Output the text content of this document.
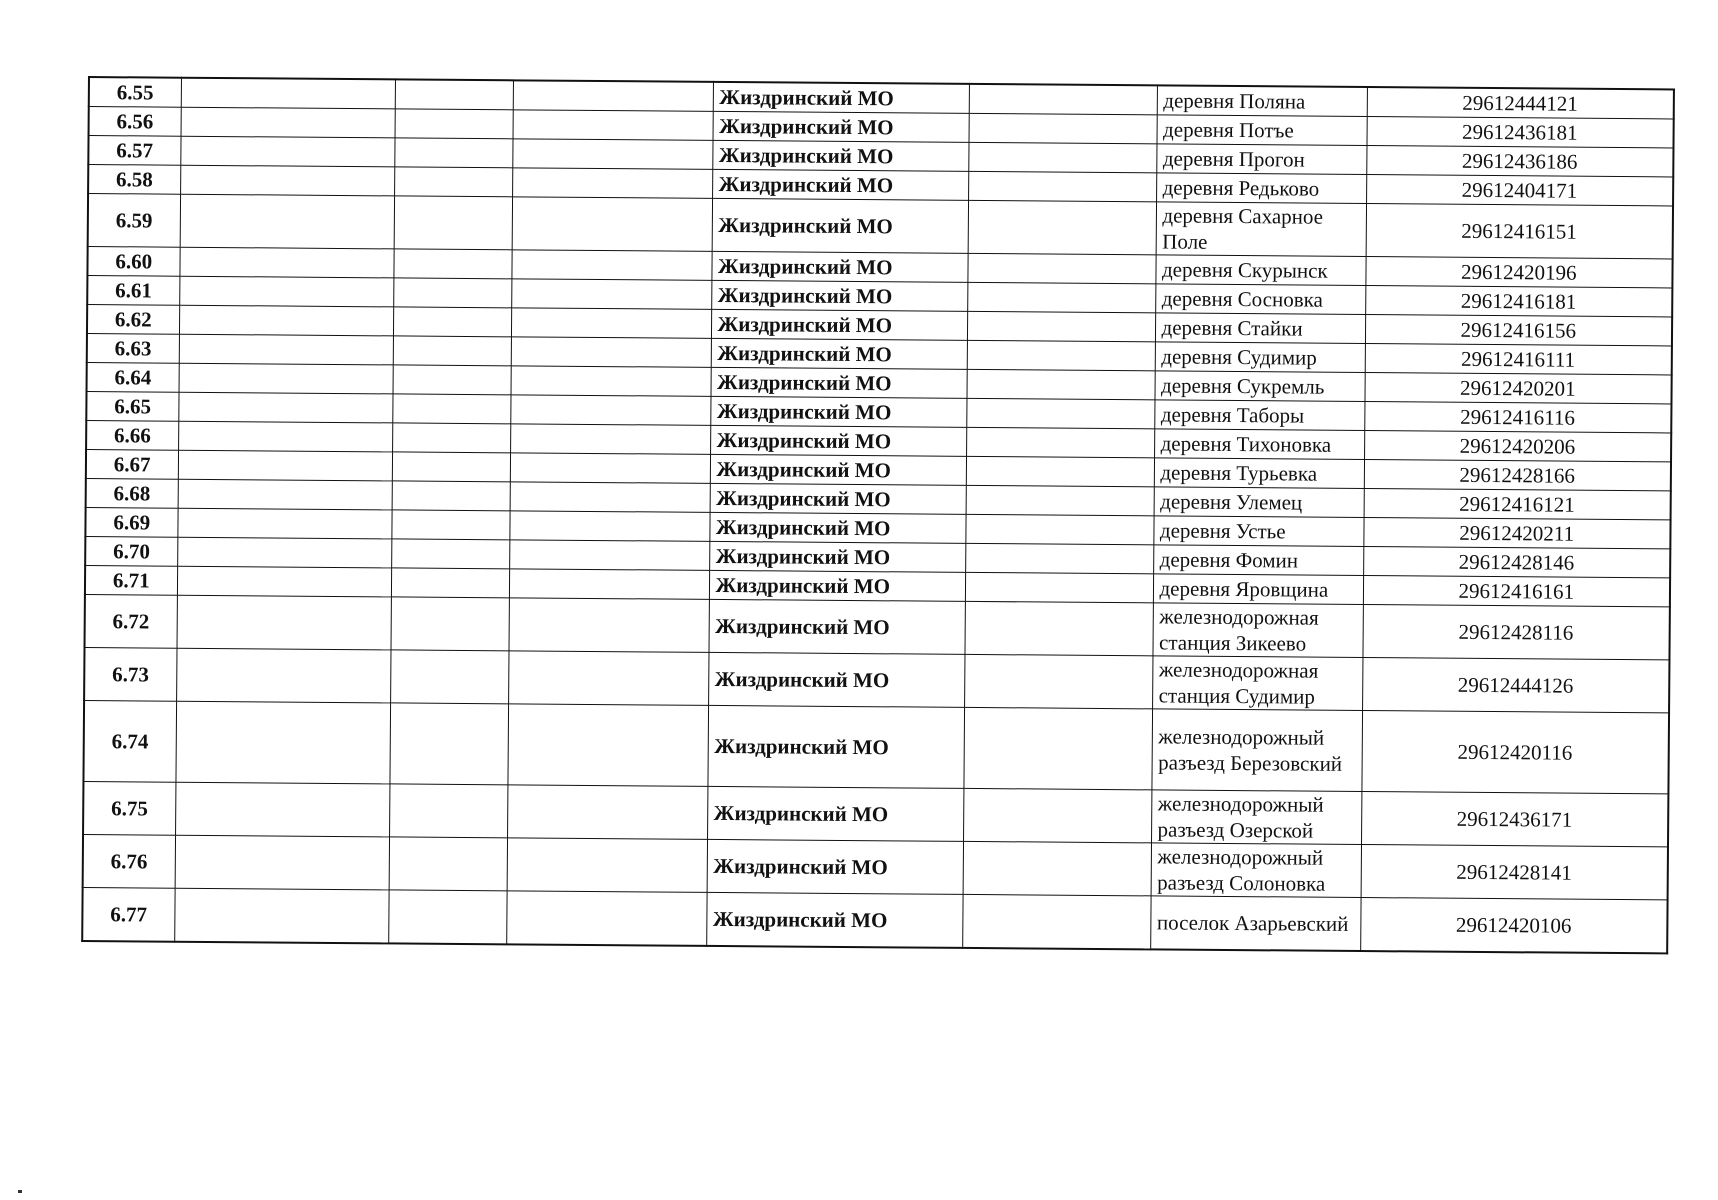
6.55				Жиздринский МО		деревня Поляна	29612444121
6.56				Жиздринский МО		деревня Потъе	29612436181
6.57				Жиздринский МО		деревня Прогон	29612436186
6.58				Жиздринский МО		деревня Редьково	29612404171
6.59				Жиздринский МО		деревня Сахарное Поле	29612416151
6.60				Жиздринский МО		деревня Скурынск	29612420196
6.61				Жиздринский МО		деревня Сосновка	29612416181
6.62				Жиздринский МО		деревня Стайки	29612416156
6.63				Жиздринский МО		деревня Судимир	29612416111
6.64				Жиздринский МО		деревня Сукремль	29612420201
6.65				Жиздринский МО		деревня Таборы	29612416116
6.66				Жиздринский МО		деревня Тихоновка	29612420206
6.67				Жиздринский МО		деревня Турьевка	29612428166
6.68				Жиздринский МО		деревня Улемец	29612416121
6.69				Жиздринский МО		деревня Устье	29612420211
6.70				Жиздринский МО		деревня Фомин	29612428146
6.71				Жиздринский МО		деревня Яровщина	29612416161
6.72				Жиздринский МО		железнодорожная станция Зикеево	29612428116
6.73				Жиздринский МО		железнодорожная станция Судимир	29612444126
6.74				Жиздринский МО		железнодорожный разъезд Березовский	29612420116
6.75				Жиздринский МО		железнодорожный разъезд Озерской	29612436171
6.76				Жиздринский МО		железнодорожный разъезд Солоновка	29612428141
6.77				Жиздринский МО		поселок Азарьевский	29612420106
